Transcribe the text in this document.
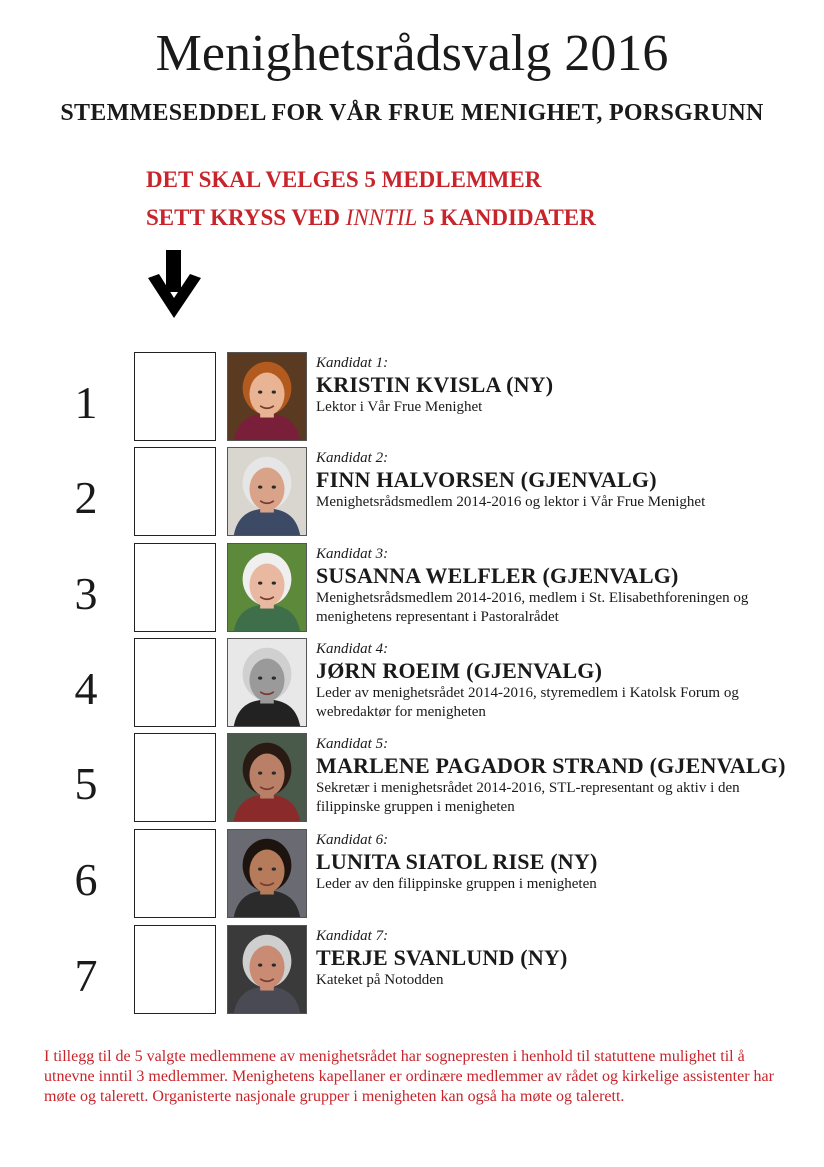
Menighetsrådsvalg 2016
STEMMESEDDEL FOR VÅR FRUE MENIGHET, PORSGRUNN
DET SKAL VELGES 5 MEDLEMMER
SETT KRYSS VED INNTIL 5 KANDIDATER
1
Kandidat 1:
KRISTIN KVISLA (NY)
Lektor i Vår Frue Menighet
2
Kandidat 2:
FINN HALVORSEN (GJENVALG)
Menighetsrådsmedlem 2014-2016 og lektor i Vår Frue Menighet
3
Kandidat 3:
SUSANNA WELFLER (GJENVALG)
Menighetsrådsmedlem 2014-2016, medlem i St. Elisabethforeningen og menighetens representant i Pastoralrådet
4
Kandidat 4:
JØRN ROEIM (GJENVALG)
Leder av menighetsrådet 2014-2016, styremedlem i Katolsk Forum og webredaktør for menigheten
5
Kandidat 5:
MARLENE PAGADOR STRAND (GJENVALG)
Sekretær i menighetsrådet 2014-2016, STL-representant og aktiv i den filippinske gruppen i menigheten
6
Kandidat 6:
LUNITA SIATOL RISE (NY)
Leder av den filippinske gruppen i menigheten
7
Kandidat 7:
TERJE SVANLUND (NY)
Kateket på Notodden
I tillegg til de 5 valgte medlemmene av menighetsrådet har sognepresten i henhold til statuttene mulighet til å utnevne inntil 3 medlemmer. Menighetens kapellaner er ordinære medlemmer av rådet og kirkelige assistenter har møte og talerett. Organisterte nasjonale grupper i menigheten kan også ha møte og talerett.
